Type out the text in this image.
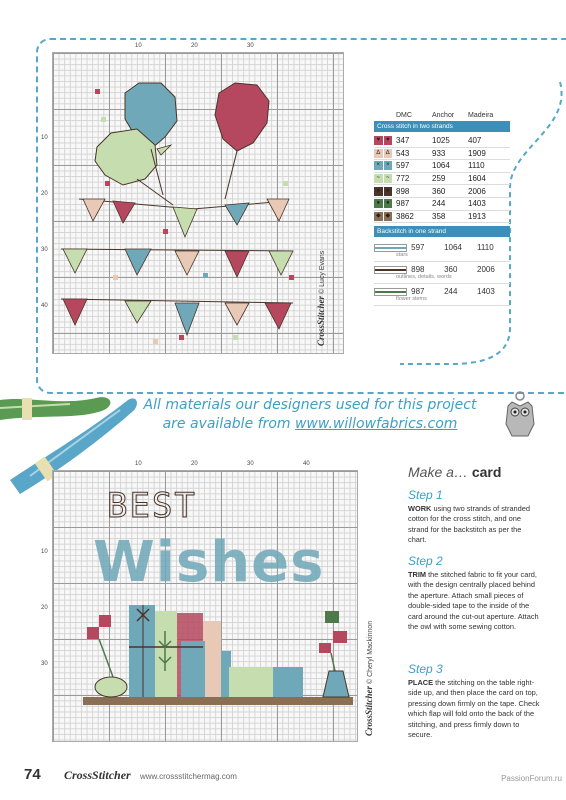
10	20	30
10
20
30
40	CrossStitcher © Lucy Evans
DMC	Anchor	Madeira
Cross stitch in two strands
♥ ♥ 347	1025	407
∆ ∆ 543	933	1909
× × 597	1064	1110
~ ~ 772	259	1604
● ● 898	360	2006
● ● 987	244	1403
◆ ◆ 3862	358	1913
Backstitch in one strand
597	1064	1110
stars
898	360	2006
outlines, details, words
987	244	1403
flower stems
All materials our designers used for this project
are available from www.willowfabrics.com
10	20	30	40
10
20
30
BEST
Wishes
CrossStitcher © Cheryl Mackinnon
Make a… card
Step 1
WORK using two strands of stranded cotton for the cross stitch, and one strand for the backstitch as per the chart.
Step 2
TRIM the stitched fabric to fit your card, with the design centrally placed behind the aperture. Attach small pieces of double-sided tape to the inside of the card around the cut-out aperture. Attach the owl with some sewing cotton.
Step 3
PLACE the stitching on the table right-side up, and then place the card on top, pressing down firmly on the tape. Check which flap will fold onto the back of the stitching, and press firmly down to secure.
74 CrossStitcher www.crossstitchermag.com	PassionForum.ru
